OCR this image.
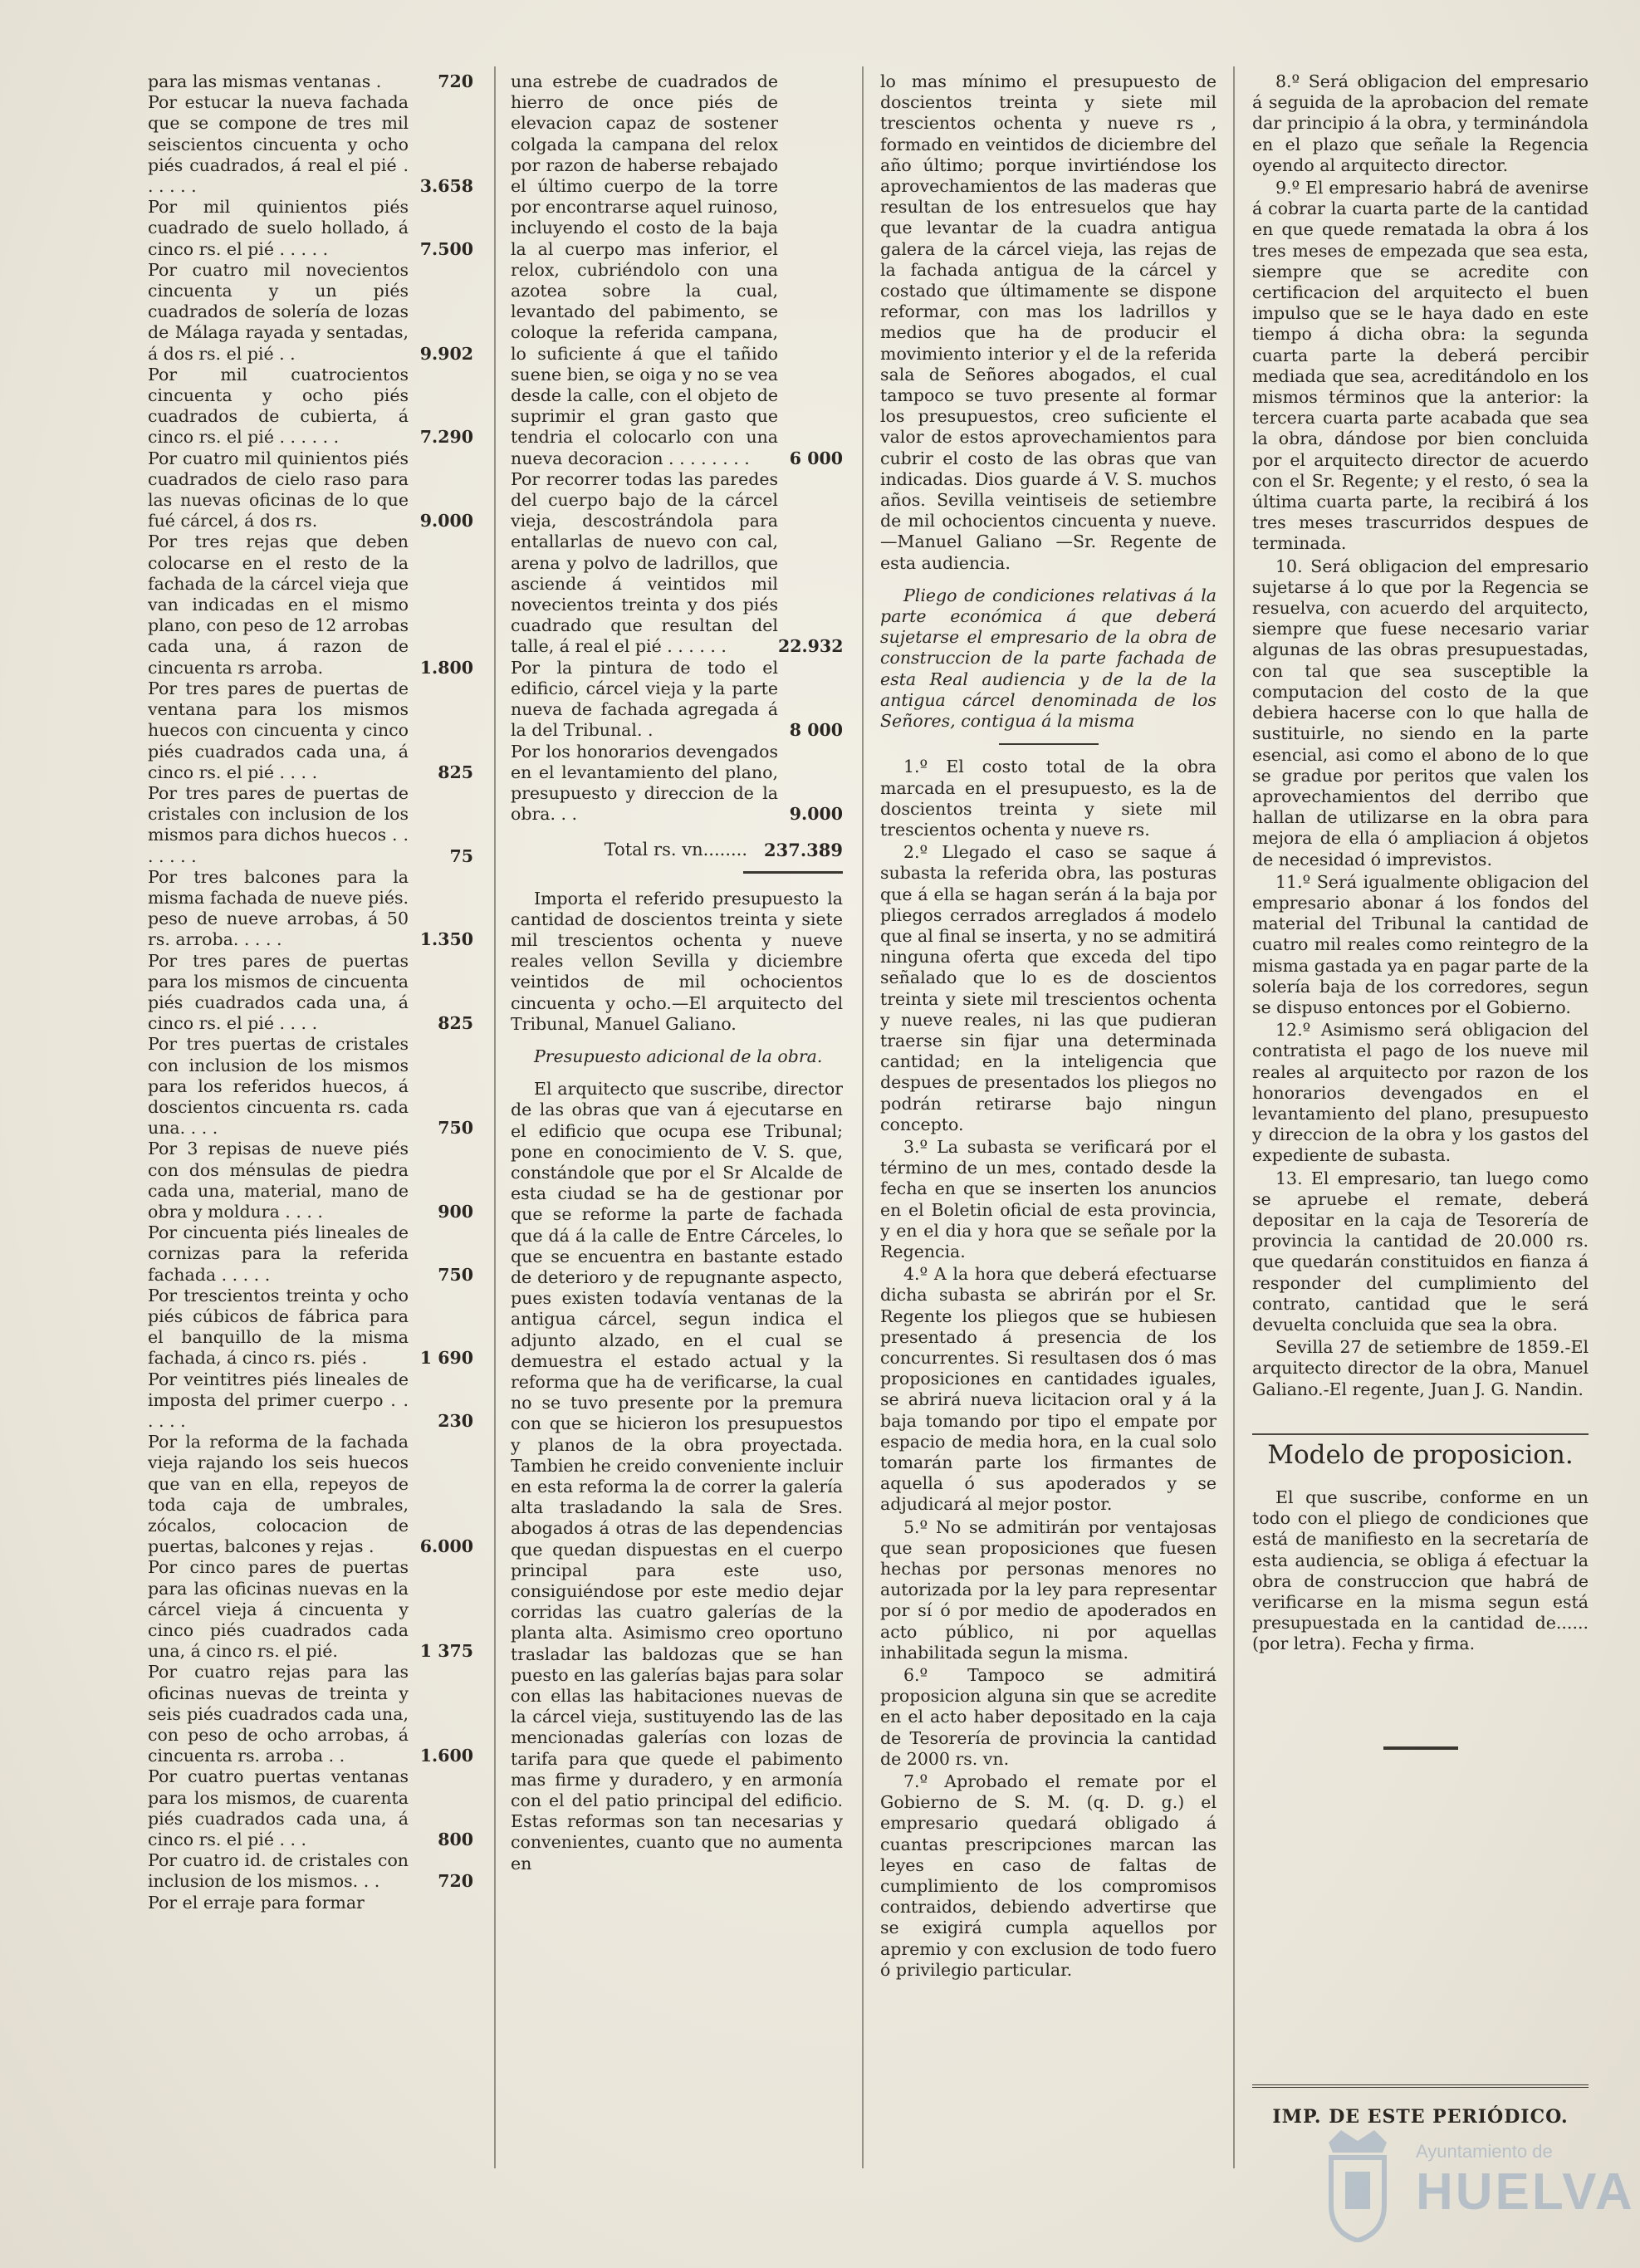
para las mismas ventanas .	720
Por estucar la nueva fachada que se compone de tres mil seiscientos cincuenta y ocho piés cuadrados, á real el pié . . . . . .	3.658
Por mil quinientos piés cuadrado de suelo hollado, á cinco rs. el pié . . . . .	7.500
Por cuatro mil novecientos cincuenta y un piés cuadrados de solería de lozas de Málaga rayada y sentadas, á dos rs. el pié . .	9.902
Por mil cuatrocientos cincuenta y ocho piés cuadrados de cubierta, á cinco rs. el pié . . . . . .	7.290
Por cuatro mil quinientos piés cuadrados de cielo raso para las nuevas oficinas de lo que fué cárcel, á dos rs.	9.000
Por tres rejas que deben colocarse en el resto de la fachada de la cárcel vieja que van indicadas en el mismo plano, con peso de 12 arrobas cada una, á razon de cincuenta rs arroba.	1.800
Por tres pares de puertas de ventana para los mismos huecos con cincuenta y cinco piés cuadrados cada una, á cinco rs. el pié . . . .	825
Por tres pares de puertas de cristales con inclusion de los mismos para dichos huecos . . . . . . .	75
Por tres balcones para la misma fachada de nueve piés. peso de nueve arrobas, á 50 rs. arroba. . . . .	1.350
Por tres pares de puertas para los mismos de cincuenta piés cuadrados cada una, á cinco rs. el pié . . . .	825
Por tres puertas de cristales con inclusion de los mismos para los referidos huecos, á doscientos cincuenta rs. cada una. . . .	750
Por 3 repisas de nueve piés con dos ménsulas de piedra cada una, material, mano de obra y moldura . . . .	900
Por cincuenta piés lineales de cornizas para la referida fachada . . . . .	750
Por trescientos treinta y ocho piés cúbicos de fábrica para el banquillo de la misma fachada, á cinco rs. piés .	1 690
Por veintitres piés lineales de imposta del primer cuerpo . . . . . .	230
Por la reforma de la fachada vieja rajando los seis huecos que van en ella, repeyos de toda caja de umbrales, zócalos, colocacion de puertas, balcones y rejas .	6.000
Por cinco pares de puertas para las oficinas nuevas en la cárcel vieja á cincuenta y cinco piés cuadrados cada una, á cinco rs. el pié.	1 375
Por cuatro rejas para las oficinas nuevas de treinta y seis piés cuadrados cada una, con peso de ocho arrobas, á cincuenta rs. arroba . .	1.600
Por cuatro puertas ventanas para los mismos, de cuarenta piés cuadrados cada una, á cinco rs. el pié . . .	800
Por cuatro id. de cristales con inclusion de los mismos. . .	720
Por el erraje para formar
una estrebe de cuadrados de hierro de once piés de elevacion capaz de sostener colgada la campana del relox por razon de haberse rebajado el último cuerpo de la torre por encontrarse aquel ruinoso, incluyendo el costo de la baja la al cuerpo mas inferior, el relox, cubriéndolo con una azotea sobre la cual, levantado del pabimento, se coloque la referida campana, lo suficiente á que el tañido suene bien, se oiga y no se vea desde la calle, con el objeto de suprimir el gran gasto que tendria el colocarlo con una nueva decoracion . . . . . . . .	6 000
Por recorrer todas las paredes del cuerpo bajo de la cárcel vieja, descostrándola para entallarlas de nuevo con cal, arena y polvo de ladrillos, que asciende á veintidos mil novecientos treinta y dos piés cuadrado que resultan del talle, á real el pié . . . . . .	22.932
Por la pintura de todo el edificio, cárcel vieja y la parte nueva de fachada agregada á la del Tribunal. .	8 000
Por los honorarios devengados en el levantamiento del plano, presupuesto y direccion de la obra. . .	9.000
Total rs. vn........ 237.389

Importa el referido presupuesto la cantidad de doscientos treinta y siete mil trescientos ochenta y nueve reales vellon Sevilla y diciembre veintidos de mil ochocientos cincuenta y ocho.—El arquitecto del Tribunal, Manuel Galiano.

Presupuesto adicional de la obra.

El arquitecto que suscribe, director de las obras que van á ejecutarse en el edificio que ocupa ese Tribunal; pone en conocimiento de V. S. que, constándole que por el Sr Alcalde de esta ciudad se ha de gestionar por que se reforme la parte de fachada que dá á la calle de Entre Cárceles, lo que se encuentra en bastante estado de deterioro y de repugnante aspecto, pues existen todavía ventanas de la antigua cárcel, segun indica el adjunto alzado, en el cual se demuestra el estado actual y la reforma que ha de verificarse, la cual no se tuvo presente por la premura con que se hicieron los presupuestos y planos de la obra proyectada. Tambien he creido conveniente incluir en esta reforma la de correr la galería alta trasladando la sala de Sres. abogados á otras de las dependencias que quedan dispuestas en el cuerpo principal para este uso, consiguiéndose por este medio dejar corridas las cuatro galerías de la planta alta. Asimismo creo oportuno trasladar las baldozas que se han puesto en las galerías bajas para solar con ellas las habitaciones nuevas de la cárcel vieja, sustituyendo las de las mencionadas galerías con lozas de tarifa para que quede el pabimento mas firme y duradero, y en armonía con el del patio principal del edificio. Estas reformas son tan necesarias y convenientes, cuanto que no aumenta en

lo mas mínimo el presupuesto de doscientos treinta y siete mil trescientos ochenta y nueve rs , formado en veintidos de diciembre del año último; porque invirtiéndose los aprovechamientos de las maderas que resultan de los entresuelos que hay que levantar de la cuadra antigua galera de la cárcel vieja, las rejas de la fachada antigua de la cárcel y costado que últimamente se dispone reformar, con mas los ladrillos y medios que ha de producir el movimiento interior y el de la referida sala de Señores abogados, el cual tampoco se tuvo presente al formar los presupuestos, creo suficiente el valor de estos aprovechamientos para cubrir el costo de las obras que van indicadas. Dios guarde á V. S. muchos años. Sevilla veintiseis de setiembre de mil ochocientos cincuenta y nueve.—Manuel Galiano —Sr. Regente de esta audiencia.

Pliego de condiciones relativas á la parte económica á que deberá sujetarse el empresario de la obra de construccion de la parte fachada de esta Real audiencia y de la de la antigua cárcel denominada de los Señores, contigua á la misma

1.º El costo total de la obra marcada en el presupuesto, es la de doscientos treinta y siete mil trescientos ochenta y nueve rs.

2.º Llegado el caso se saque á subasta la referida obra, las posturas que á ella se hagan serán á la baja por pliegos cerrados arreglados á modelo que al final se inserta, y no se admitirá ninguna oferta que exceda del tipo señalado que lo es de doscientos treinta y siete mil trescientos ochenta y nueve reales, ni las que pudieran traerse sin fijar una determinada cantidad; en la inteligencia que despues de presentados los pliegos no podrán retirarse bajo ningun concepto.

3.º La subasta se verificará por el término de un mes, contado desde la fecha en que se inserten los anuncios en el Boletin oficial de esta provincia, y en el dia y hora que se señale por la Regencia.

4.º A la hora que deberá efectuarse dicha subasta se abrirán por el Sr. Regente los pliegos que se hubiesen presentado á presencia de los concurrentes. Si resultasen dos ó mas proposiciones en cantidades iguales, se abrirá nueva licitacion oral y á la baja tomando por tipo el empate por espacio de media hora, en la cual solo tomarán parte los firmantes de aquella ó sus apoderados y se adjudicará al mejor postor.

5.º No se admitirán por ventajosas que sean proposiciones que fuesen hechas por personas menores no autorizada por la ley para representar por sí ó por medio de apoderados en acto público, ni por aquellas inhabilitada segun la misma.

6.º Tampoco se admitirá proposicion alguna sin que se acredite en el acto haber depositado en la caja de Tesorería de provincia la cantidad de 2000 rs. vn.

7.º Aprobado el remate por el Gobierno de S. M. (q. D. g.) el empresario quedará obligado á cuantas prescripciones marcan las leyes en caso de faltas de cumplimiento de los compromisos contraidos, debiendo advertirse que se exigirá cumpla aquellos por apremio y con exclusion de todo fuero ó privilegio particular.

8.º Será obligacion del empresario á seguida de la aprobacion del remate dar principio á la obra, y terminándola en el plazo que señale la Regencia oyendo al arquitecto director.

9.º El empresario habrá de avenirse á cobrar la cuarta parte de la cantidad en que quede rematada la obra á los tres meses de empezada que sea esta, siempre que se acredite con certificacion del arquitecto el buen impulso que se le haya dado en este tiempo á dicha obra: la segunda cuarta parte la deberá percibir mediada que sea, acreditándolo en los mismos términos que la anterior: la tercera cuarta parte acabada que sea la obra, dándose por bien concluida por el arquitecto director de acuerdo con el Sr. Regente; y el resto, ó sea la última cuarta parte, la recibirá á los tres meses trascurridos despues de terminada.

10. Será obligacion del empresario sujetarse á lo que por la Regencia se resuelva, con acuerdo del arquitecto, siempre que fuese necesario variar algunas de las obras presupuestadas, con tal que sea susceptible la computacion del costo de la que debiera hacerse con lo que halla de sustituirle, no siendo en la parte esencial, asi como el abono de lo que se gradue por peritos que valen los aprovechamientos del derribo que hallan de utilizarse en la obra para mejora de ella ó ampliacion á objetos de necesidad ó imprevistos.

11.º Será igualmente obligacion del empresario abonar á los fondos del material del Tribunal la cantidad de cuatro mil reales como reintegro de la misma gastada ya en pagar parte de la solería baja de los corredores, segun se dispuso entonces por el Gobierno.

12.º Asimismo será obligacion del contratista el pago de los nueve mil reales al arquitecto por razon de los honorarios devengados en el levantamiento del plano, presupuesto y direccion de la obra y los gastos del expediente de subasta.

13. El empresario, tan luego como se apruebe el remate, deberá depositar en la caja de Tesorería de provincia la cantidad de 20.000 rs. que quedarán constituidos en fianza á responder del cumplimiento del contrato, cantidad que le será devuelta concluida que sea la obra.

Sevilla 27 de setiembre de 1859.-El arquitecto director de la obra, Manuel Galiano.-El regente, Juan J. G. Nandin.

Modelo de proposicion.

El que suscribe, conforme en un todo con el pliego de condiciones que está de manifiesto en la secretaría de esta audiencia, se obliga á efectuar la obra de construccion que habrá de verificarse en la misma segun está presupuestada en la cantidad de...... (por letra). Fecha y firma.

IMP. DE ESTE PERIÓDICO.
Ayuntamiento de
HUELVA
